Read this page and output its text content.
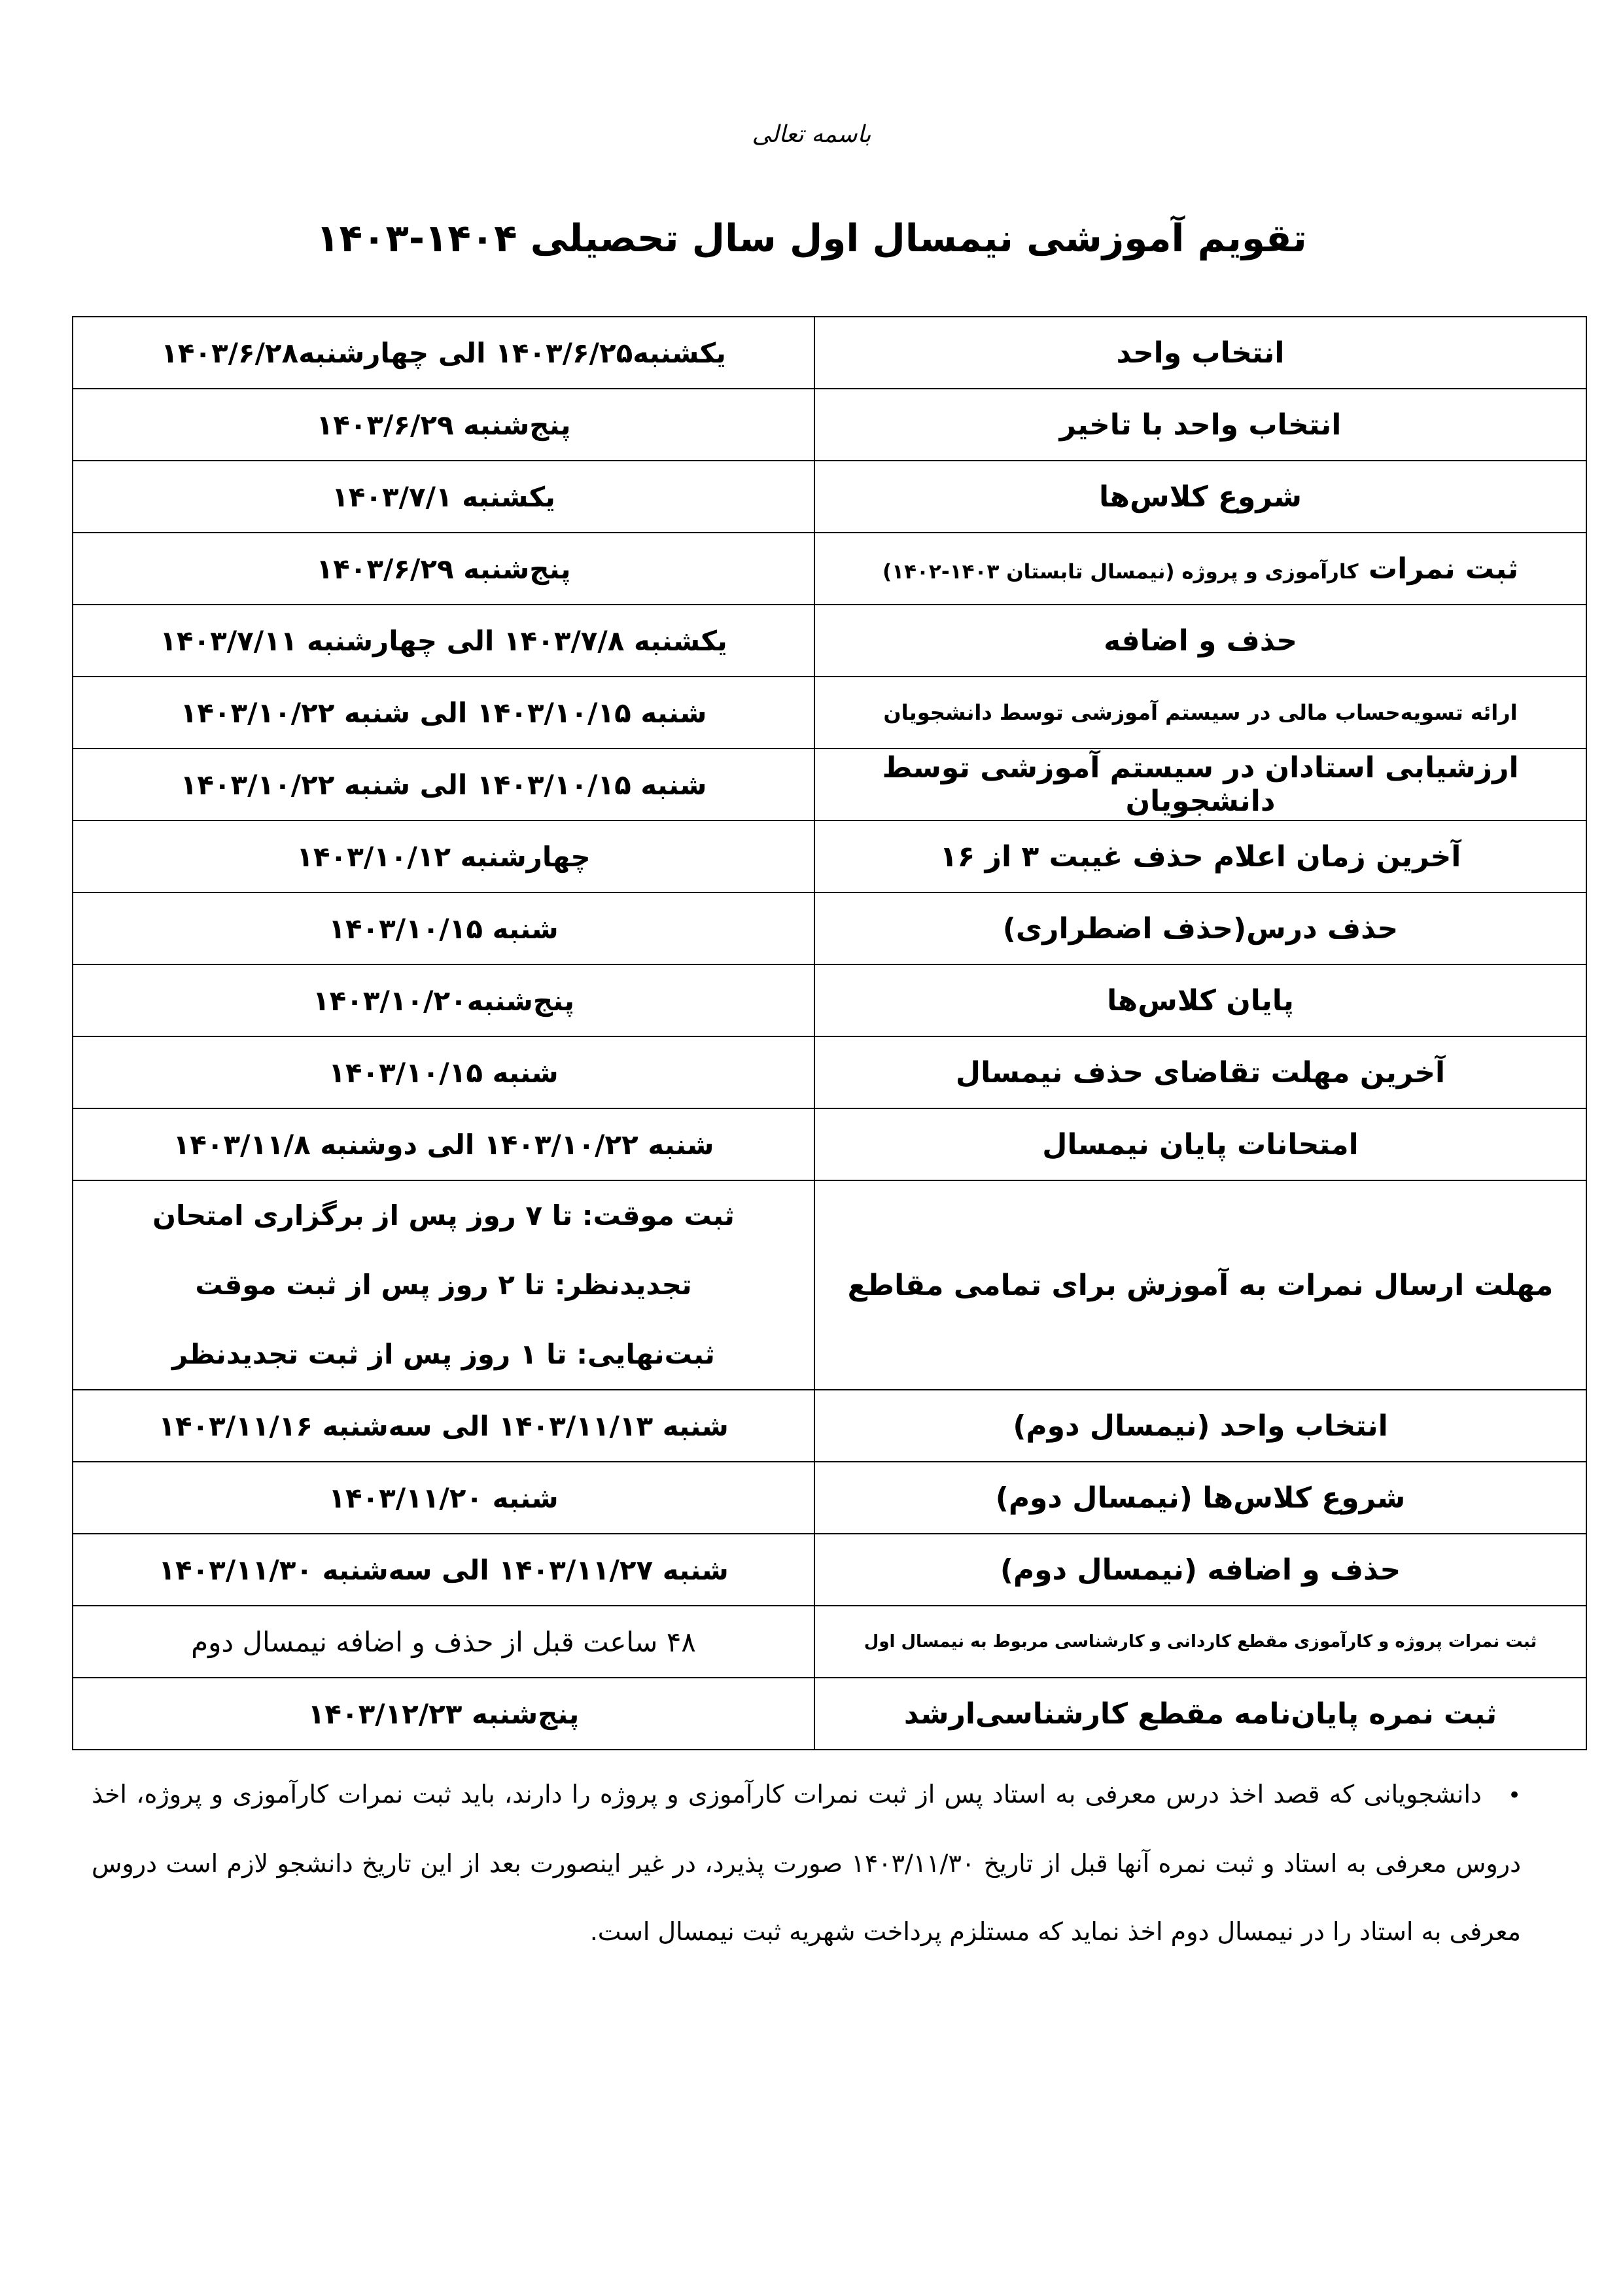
باسمه تعالی
تقویم آموزشی نیمسال اول سال تحصیلی ۱۴۰۴-۱۴۰۳
انتخاب واحد	یکشنبه۱۴۰۳/۶/۲۵ الی چهارشنبه۱۴۰۳/۶/۲۸
انتخاب واحد با تاخیر	پنج‌شنبه ۱۴۰۳/۶/۲۹
شروع کلاس‌ها	یکشنبه ۱۴۰۳/۷/۱
ثبت نمرات کارآموزی و پروژه (نیمسال تابستان ۱۴۰۳-۱۴۰۲)	پنج‌شنبه ۱۴۰۳/۶/۲۹
حذف و اضافه	یکشنبه ۱۴۰۳/۷/۸ الی چهارشنبه ۱۴۰۳/۷/۱۱
ارائه تسویه‌حساب مالی در سیستم آموزشی توسط دانشجویان	شنبه ۱۴۰۳/۱۰/۱۵ الی شنبه ۱۴۰۳/۱۰/۲۲
ارزشیابی استادان در سیستم آموزشی توسط دانشجویان	شنبه ۱۴۰۳/۱۰/۱۵ الی شنبه ۱۴۰۳/۱۰/۲۲
آخرین زمان اعلام حذف غیبت ۳ از ۱۶	چهارشنبه ۱۴۰۳/۱۰/۱۲
حذف درس(حذف اضطراری)	شنبه ۱۴۰۳/۱۰/۱۵
پایان کلاس‌ها	پنج‌شنبه۱۴۰۳/۱۰/۲۰
آخرین مهلت تقاضای حذف نیمسال	شنبه ۱۴۰۳/۱۰/۱۵
امتحانات پایان نیمسال	شنبه ۱۴۰۳/۱۰/۲۲ الی دوشنبه ۱۴۰۳/۱۱/۸
مهلت ارسال نمرات به آموزش برای تمامی مقاطع	ثبت موقت: تا ۷ روز پس از برگزاری امتحان
تجدیدنظر: تا ۲ روز پس از ثبت موقت
ثبت‌نهایی: تا ۱ روز پس از ثبت تجدیدنظر

انتخاب واحد (نیمسال دوم)	شنبه ۱۴۰۳/۱۱/۱۳ الی سه‌شنبه ۱۴۰۳/۱۱/۱۶
شروع کلاس‌ها (نیمسال دوم)	شنبه ۱۴۰۳/۱۱/۲۰
حذف و اضافه (نیمسال دوم)	شنبه ۱۴۰۳/۱۱/۲۷ الی سه‌شنبه ۱۴۰۳/۱۱/۳۰
ثبت نمرات پروژه و کارآموزی مقطع کاردانی و کارشناسی مربوط به نیمسال اول	۴۸ ساعت قبل از حذف و اضافه نیمسال دوم
ثبت نمره پایان‌نامه مقطع کارشناسی‌ارشد	پنج‌شنبه ۱۴۰۳/۱۲/۲۳
•دانشجویانی که قصد اخذ درس معرفی به استاد پس از ثبت نمرات کارآموزی و پروژه را دارند، باید ثبت نمرات کارآموزی و پروژه، اخذ دروس معرفی به استاد و ثبت نمره آنها قبل از تاریخ ۱۴۰۳/۱۱/۳۰ صورت پذیرد، در غیر اینصورت بعد از این تاریخ دانشجو لازم است دروس معرفی به استاد را در نیمسال دوم اخذ نماید که مستلزم پرداخت شهریه ثبت نیمسال است.
